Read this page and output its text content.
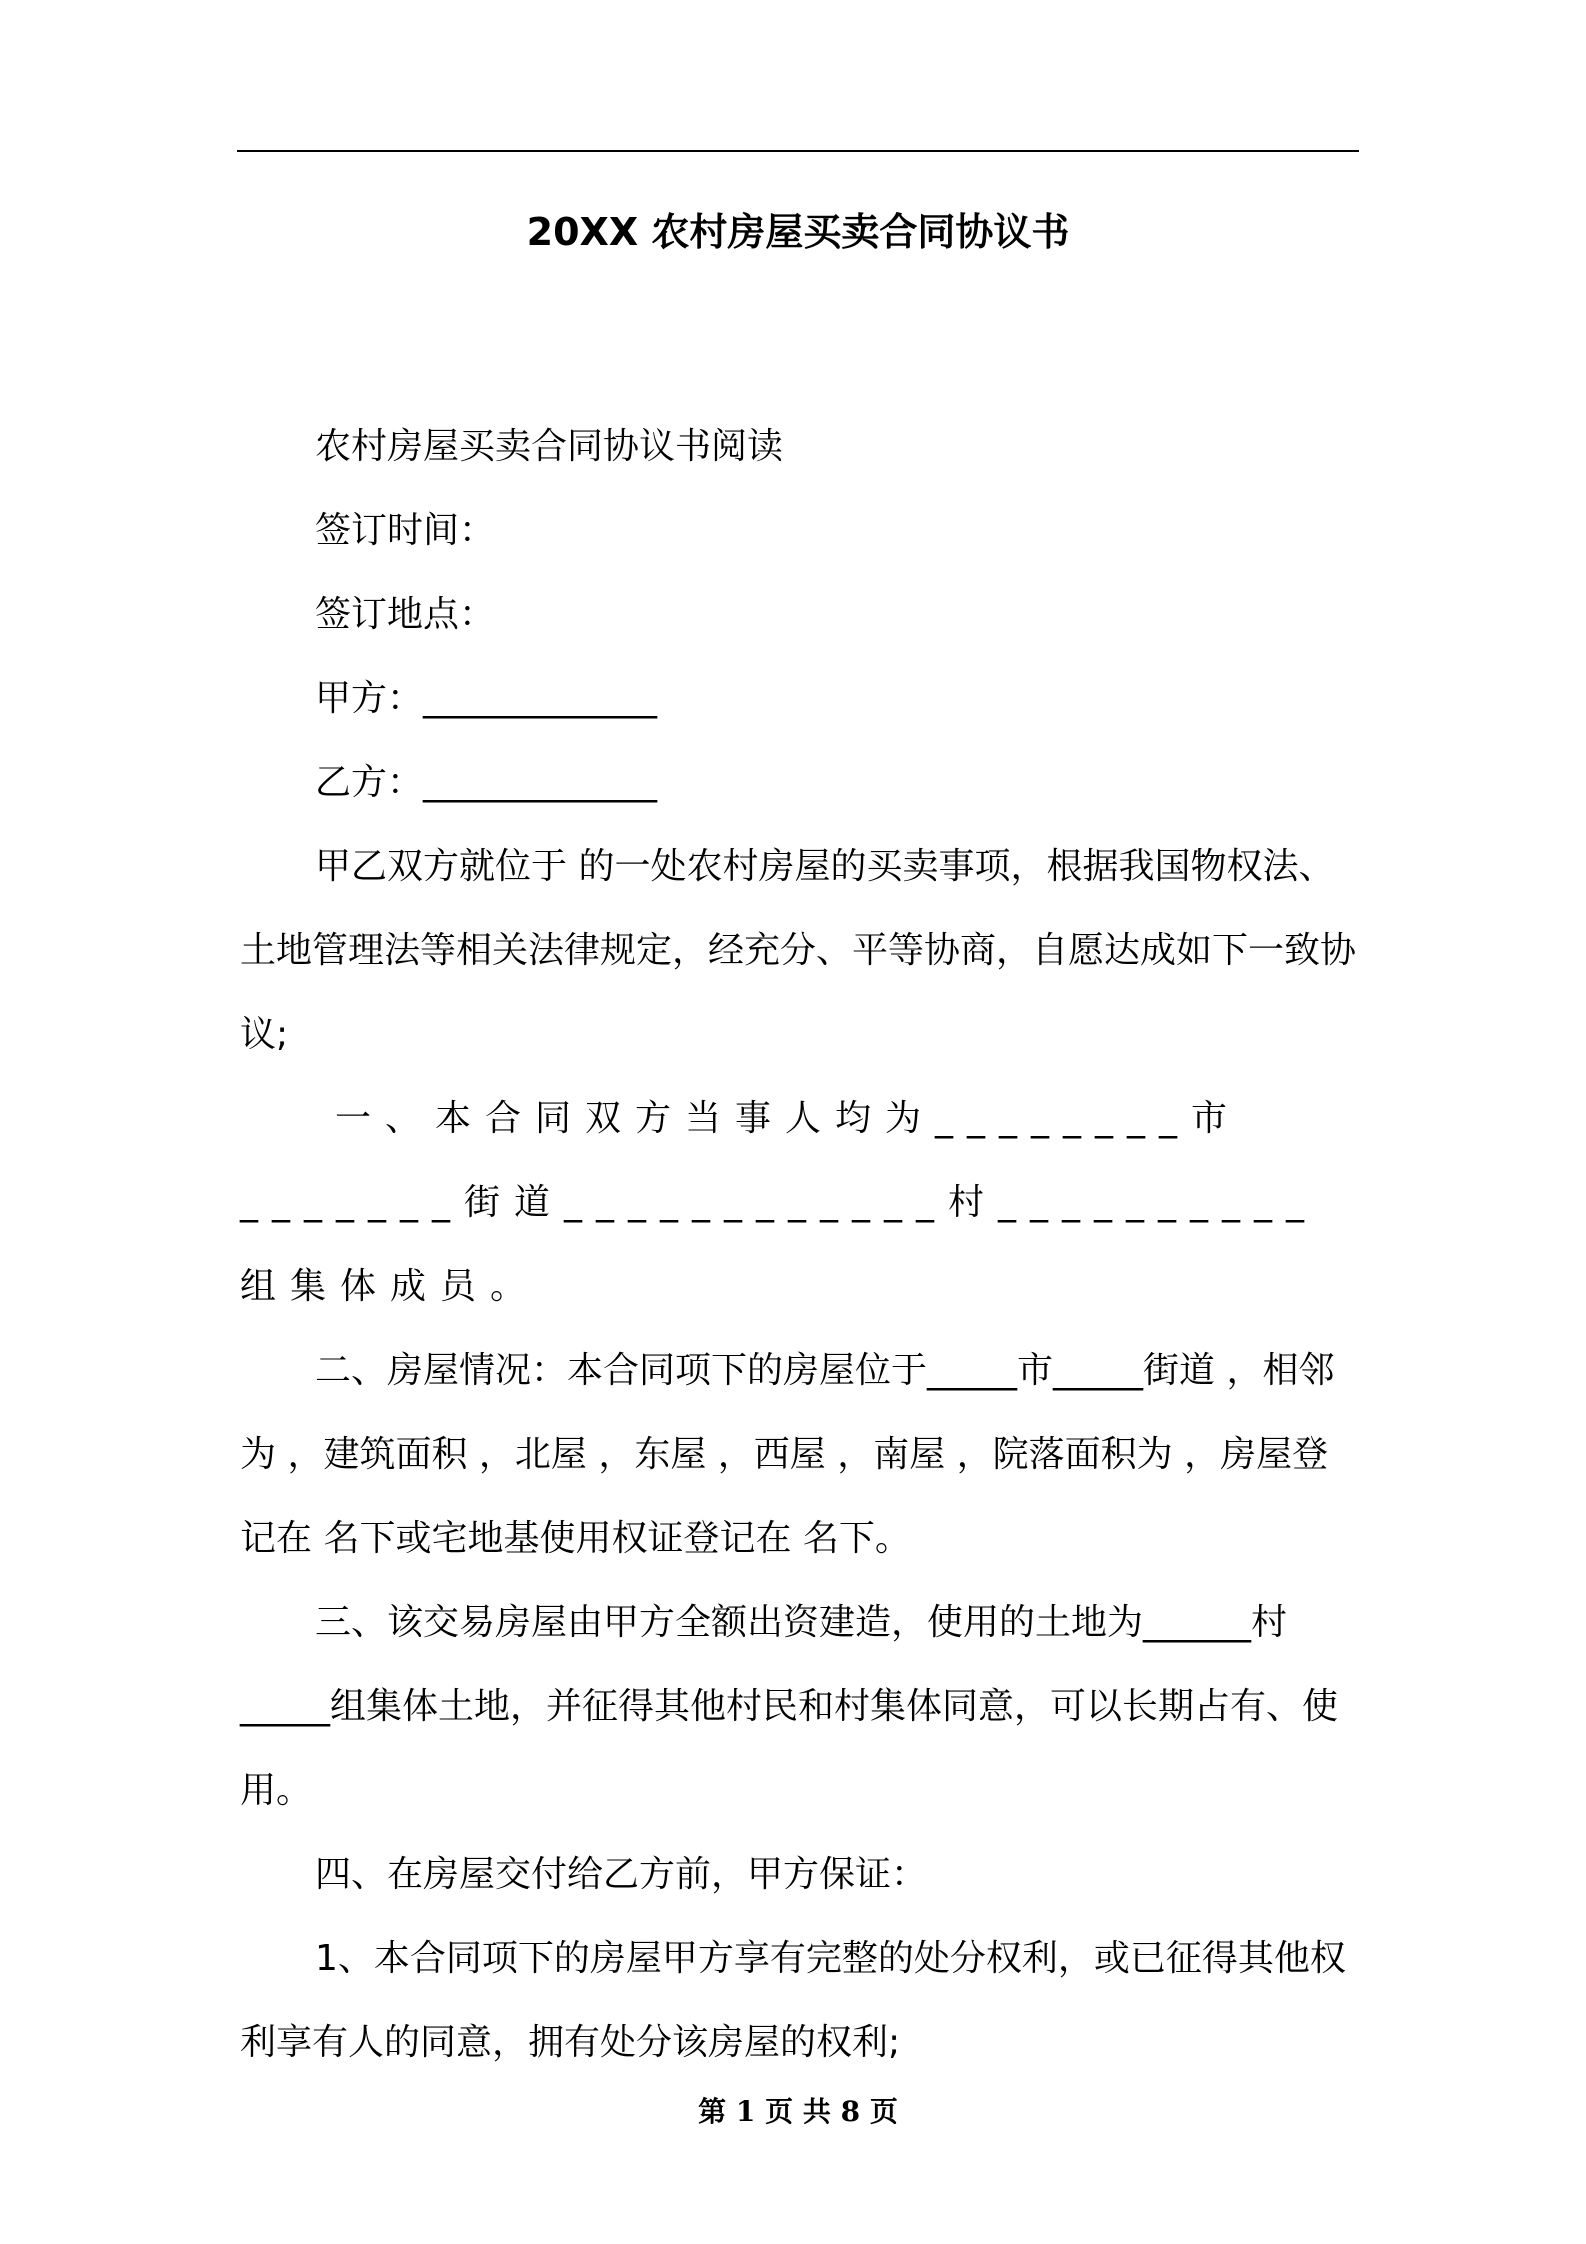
20XX 农村房屋买卖合同协议书

农村房屋买卖合同协议书阅读

签订时间：

签订地点：

甲方：_____________

乙方：_____________

甲乙双方就位于 的一处农村房屋的买卖事项，根据我国物权法、土地管理法等相关法律规定，经充分、平等协商，自愿达成如下一致协议;

一、本合同双方当事人均为________市_______街道____________村__________组集体成员。

二、房屋情况：本合同项下的房屋位于_____市_____街道 ，相邻为 ，建筑面积 ，北屋 ，东屋 ，西屋 ，南屋 ，院落面积为 ，房屋登记在 名下或宅地基使用权证登记在 名下。

三、该交易房屋由甲方全额出资建造，使用的土地为______村_____组集体土地，并征得其他村民和村集体同意，可以长期占有、使用。

四、在房屋交付给乙方前，甲方保证：

1、本合同项下的房屋甲方享有完整的处分权利，或已征得其他权利享有人的同意，拥有处分该房屋的权利;

第 1 页 共 8 页
